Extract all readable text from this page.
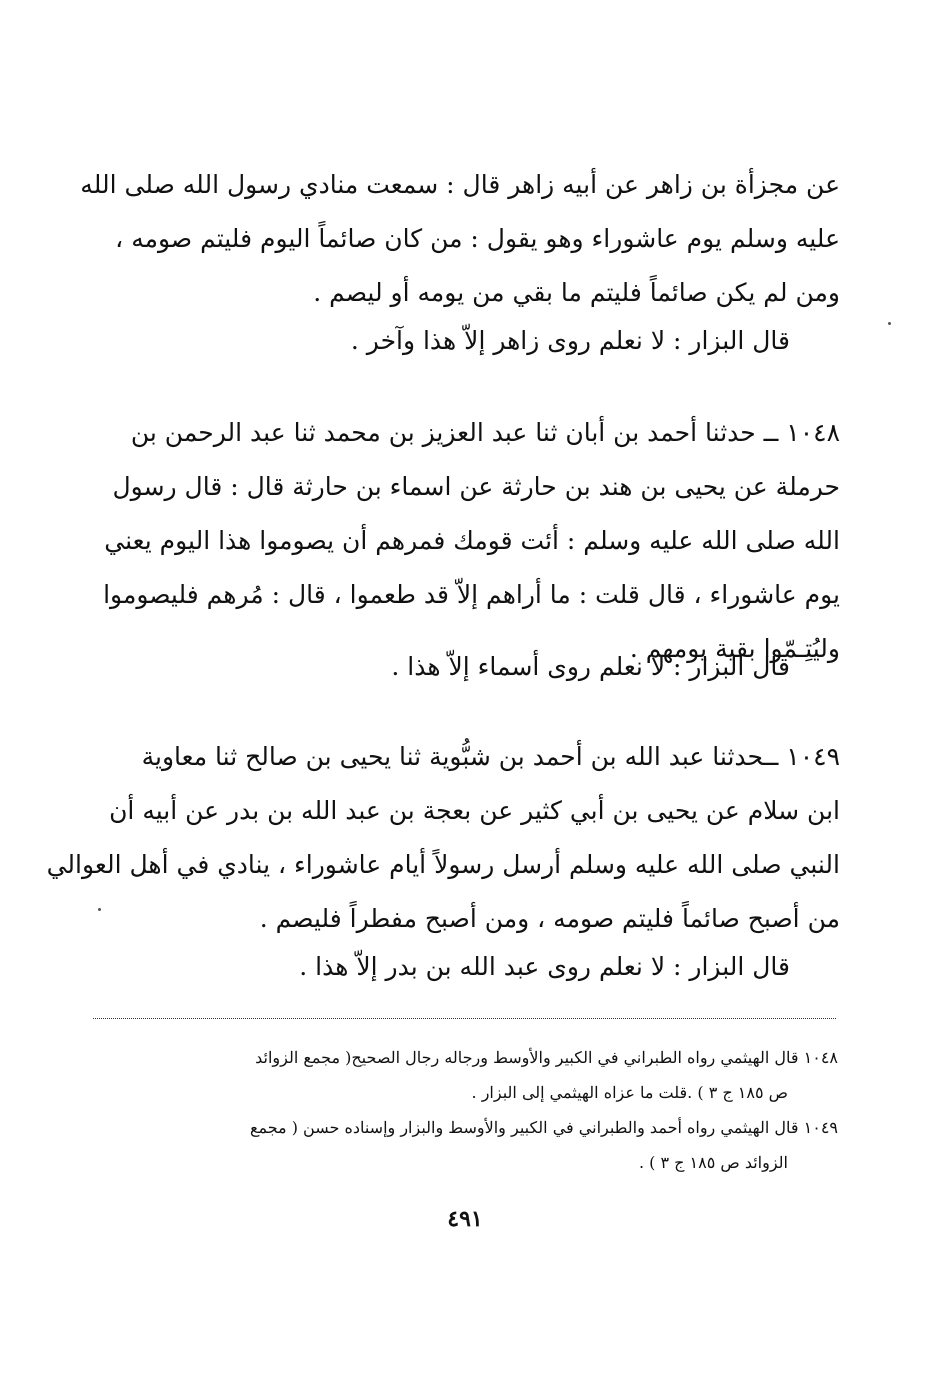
عن مجزأة بن زاهر عن أبيه زاهر قال : سمعت منادي رسول الله صلى الله
عليه وسلم يوم عاشوراء وهو يقول : من كان صائماً اليوم فليتم صومه ،
ومن لم يكن صائماً فليتم ما بقي من يومه أو ليصم .
قال البزار : لا نعلم روى زاهر إلاّ هذا وآخر .
١٠٤٨ ــ حدثنا أحمد بن أبان ثنا عبد العزيز بن محمد ثنا عبد الرحمن بن
حرملة عن يحيى بن هند بن حارثة عن اسماء بن حارثة قال : قال رسول
الله صلى الله عليه وسلم : أئت قومك فمرهم أن يصوموا هذا اليوم يعني
يوم عاشوراء ، قال قلت : ما أراهم إلاّ قد طعموا ، قال : مُرهم فليصوموا
وليُتِـمّوا بقية يومهم .
قال البزار : لا نعلم روى أسماء إلاّ هذا .
١٠٤٩ ــحدثنا عبد الله بن أحمد بن شبُّوية ثنا يحيى بن صالح ثنا معاوية
ابن سلام عن يحيى بن أبي كثير عن بعجة بن عبد الله بن بدر عن أبيه أن
النبي صلى الله عليه وسلم أرسل رسولاً أيام عاشوراء ، ينادي في أهل العوالي
من أصبح صائماً فليتم صومه ، ومن أصبح مفطراً فليصم .
قال البزار : لا نعلم روى عبد الله بن بدر إلاّ هذا .
١٠٤٨ قال الهيثمي رواه الطبراني في الكبير والأوسط ورجاله رجال الصحيح( مجمع الزوائد
ص ١٨٥ ج ٣ ) .قلت ما عزاه الهيثمي إلى البزار .
١٠٤٩ قال الهيثمي رواه أحمد والطبراني في الكبير والأوسط والبزار وإسناده حسن ( مجمع
الزوائد ص ١٨٥ ج ٣ ) .
٤٩١
